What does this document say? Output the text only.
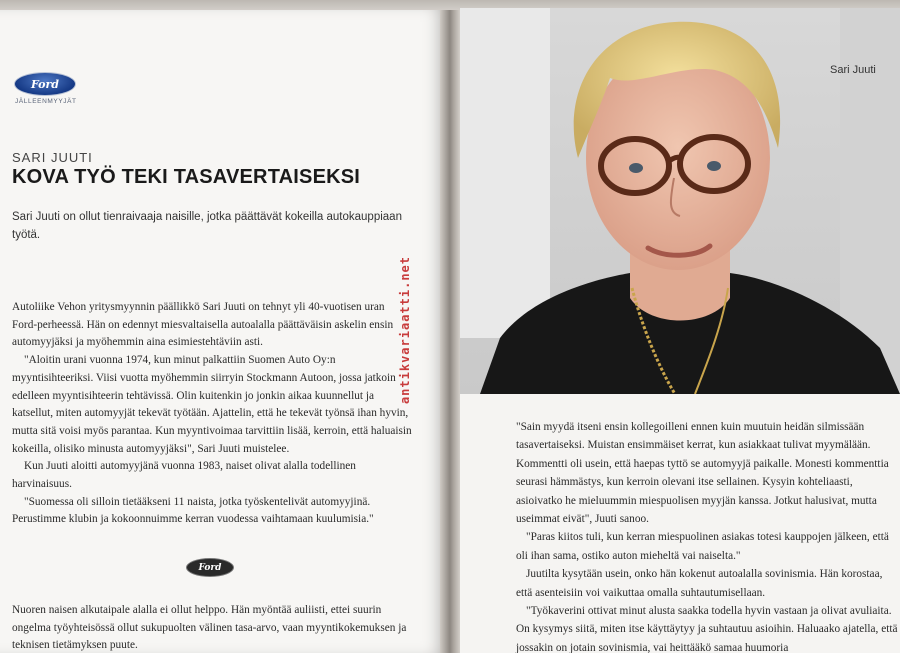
Ford
JÄLLEENMYYJÄT
SARI JUUTI
KOVA TYÖ TEKI TASAVERTAISEKSI
Sari Juuti on ollut tienraivaaja naisille, jotka päättävät kokeilla autokauppiaan työtä.

Autoliike Vehon yritysmyynnin päällikkö Sari Juuti on tehnyt yli 40-vuotisen uran Ford-perheessä. Hän on edennyt miesvaltaisella autoalalla päättäväisin askelin ensin automyyjäksi ja myöhemmin aina esimiestehtäviin asti.

"Aloitin urani vuonna 1974, kun minut palkattiin Suomen Auto Oy:n myyntisihteeriksi. Viisi vuotta myöhemmin siirryin Stockmann Autoon, jossa jatkoin edelleen myyntisihteerin tehtävissä. Olin kuitenkin jo jonkin aikaa kuunnellut ja katsellut, miten automyyjät tekevät työtään. Ajattelin, että he tekevät työnsä ihan hyvin, mutta sitä voisi myös parantaa. Kun myyntivoimaa tarvittiin lisää, kerroin, että haluaisin kokeilla, olisiko minusta automyyjäksi", Sari Juuti muistelee.

Kun Juuti aloitti automyyjänä vuonna 1983, naiset olivat alalla todellinen harvinaisuus.

"Suomessa oli silloin tietääkseni 11 naista, jotka työskentelivät automyyjinä. Perustimme klubin ja kokoonnuimme kerran vuodessa vaihtamaan kuulumisia."

Ford

Nuoren naisen alkutaipale alalla ei ollut helppo. Hän myöntää auliisti, ettei suurin ongelma työyhteisössä ollut sukupuolten välinen tasa-arvo, vaan myyntikokemuksen ja teknisen tietämyksen puute.

antikvariaatti.net
Sari Juuti

"Sain myydä itseni ensin kollegoilleni ennen kuin muutuin heidän silmissään tasavertaiseksi. Muistan ensimmäiset kerrat, kun asiakkaat tulivat myymälään. Kommentti oli usein, että haepas tyttö se automyyjä paikalle. Monesti kommenttia seurasi hämmästys, kun kerroin olevani itse sellainen. Kysyin kohteliaasti, asioivatko he mieluummin miespuolisen myyjän kanssa. Jotkut halusivat, mutta useimmat eivät", Juuti sanoo.

"Paras kiitos tuli, kun kerran miespuolinen asiakas totesi kauppojen jälkeen, että oli ihan sama, ostiko auton mieheltä vai naiselta."

Juutilta kysytään usein, onko hän kokenut autoalalla sovinismia. Hän korostaa, että asenteisiin voi vaikuttaa omalla suhtautumisellaan.

"Työkaverini ottivat minut alusta saakka todella hyvin vastaan ja olivat avuliaita. On kysymys siitä, miten itse käyttäytyy ja suhtautuu asioihin. Haluaako ajatella, että jossakin on jotain sovinismia, vai heittääkö samaa huumoria
